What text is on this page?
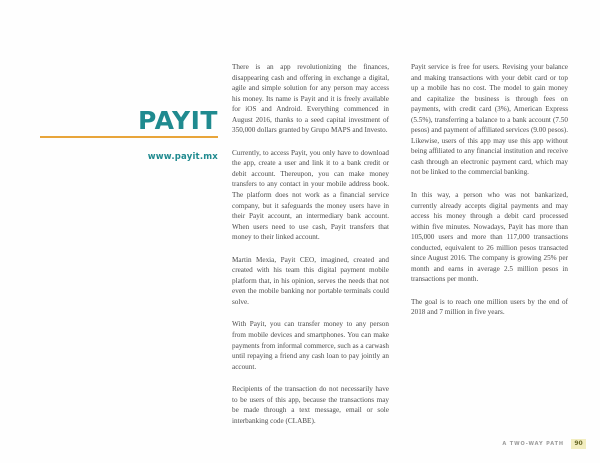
PAYIT
www.payit.mx

There is an app revolutionizing the finances, disappearing cash and offering in exchange a digital, agile and simple solution for any person may access his money. Its name is Payit and it is freely available for iOS and Android. Everything commenced in August 2016, thanks to a seed capital investment of 350,000 dollars granted by Grupo MAPS and Investo.

Currently, to access Payit, you only have to download the app, create a user and link it to a bank credit or debit account. Thereupon, you can make money transfers to any contact in your mobile address book. The platform does not work as a financial service company, but it safeguards the money users have in their Payit account, an intermediary bank account. When users need to use cash, Payit transfers that money to their linked account.

Martin Mexia, Payit CEO, imagined, created and created with his team this digital payment mobile platform that, in his opinion, serves the needs that not even the mobile banking nor portable terminals could solve.

With Payit, you can transfer money to any person from mobile devices and smartphones. You can make payments from informal commerce, such as a carwash until repaying a friend any cash loan to pay jointly an account.

Recipients of the transaction do not necessarily have to be users of this app, because the transactions may be made through a text message, email or sole interbanking code (CLABE).

Payit service is free for users. Revising your balance and making transactions with your debit card or top up a mobile has no cost. The model to gain money and capitalize the business is through fees on payments, with credit card (3%), American Express (5.5%), transferring a balance to a bank account (7.50 pesos) and payment of affiliated services (9.00 pesos). Likewise, users of this app may use this app without being affiliated to any financial institution and receive cash through an electronic payment card, which may not be linked to the commercial banking.

In this way, a person who was not bankarized, currently already accepts digital payments and may access his money through a debit card processed within five minutes. Nowadays, Payit has more than 105,000 users and more than 117,000 transactions conducted, equivalent to 26 million pesos transacted since August 2016. The company is growing 25% per month and earns in average 2.5 million pesos in transactions per month.

The goal is to reach one million users by the end of 2018 and 7 million in five years.

A TWO-WAY PATH	90
